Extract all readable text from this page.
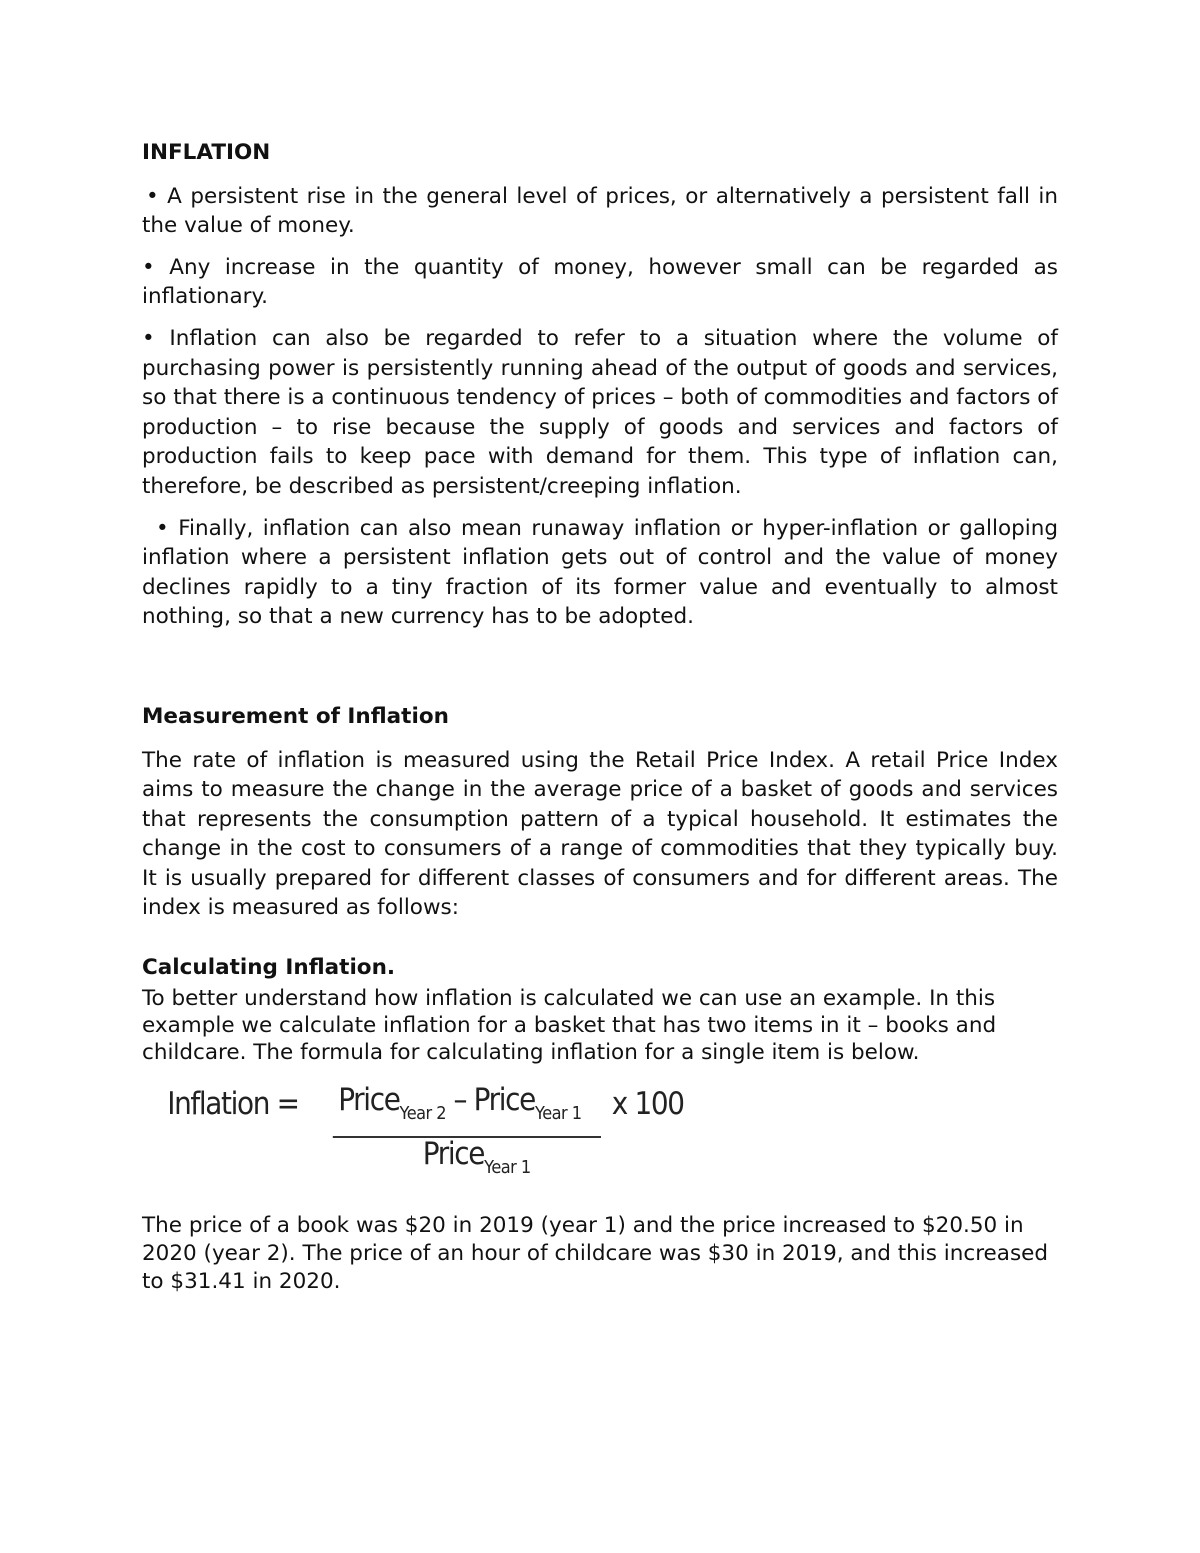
INFLATION

• A persistent rise in the general level of prices, or alternatively a persistent fall in the value of money.

• Any increase in the quantity of money, however small can be regarded as inflationary.

• Inflation can also be regarded to refer to a situation where the volume of purchasing power is persistently running ahead of the output of goods and services, so that there is a continuous tendency of prices – both of commodities and factors of production – to rise because the supply of goods and services and factors of production fails to keep pace with demand for them. This type of inflation can, therefore, be described as persistent/creeping inflation.

• Finally, inflation can also mean runaway inflation or hyper-inflation or galloping inflation where a persistent inflation gets out of control and the value of money declines rapidly to a tiny fraction of its former value and eventually to almost nothing, so that a new currency has to be adopted.

Measurement of Inflation

The rate of inflation is measured using the Retail Price Index. A retail Price Index aims to measure the change in the average price of a basket of goods and services that represents the consumption pattern of a typical household. It estimates the change in the cost to consumers of a range of commodities that they typically buy. It is usually prepared for different classes of consumers and for different areas. The index is measured as follows:

Calculating Inflation.

To better understand how inflation is calculated we can use an example. In this example we calculate inflation for a basket that has two items in it – books and childcare. The formula for calculating inflation for a single item is below.

Inflation = Price$_{Year 2}$ – Price$_{Year 1}$
Price$_{Year 1}$
x 100

The price of a book was $20 in 2019 (year 1) and the price increased to $20.50 in 2020 (year 2). The price of an hour of childcare was $30 in 2019, and this increased to $31.41 in 2020.
